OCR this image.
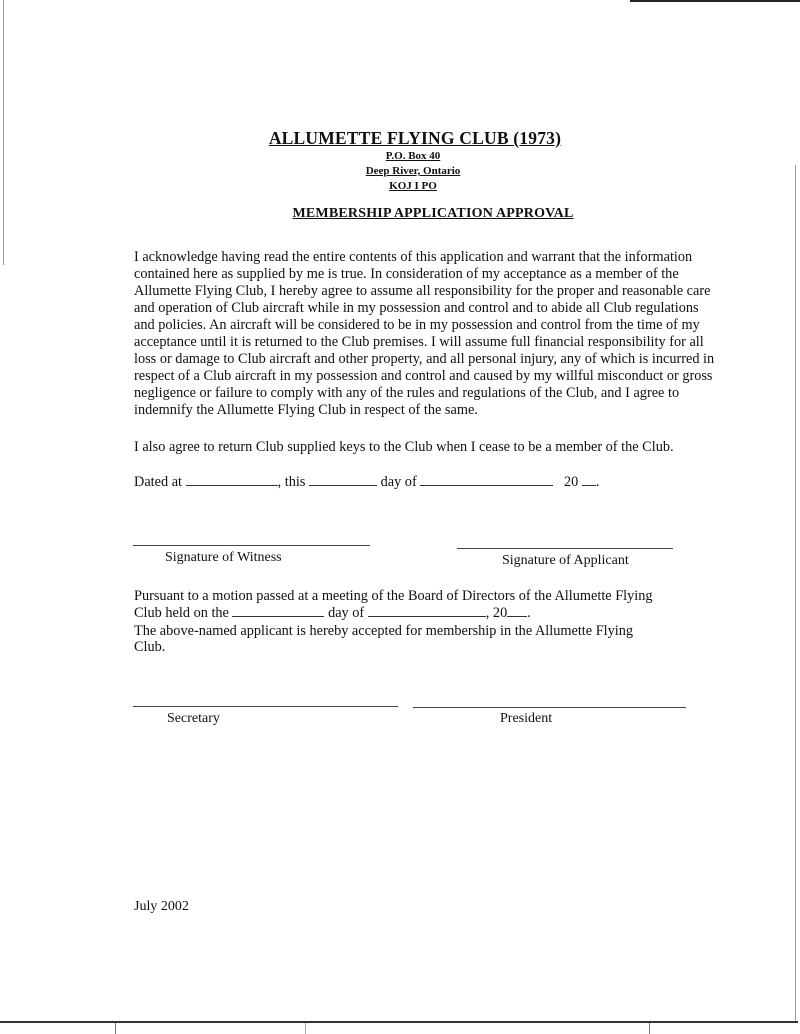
ALLUMETTE FLYING CLUB (1973)
P.O. Box 40
Deep River, Ontario
KOJ I PO
MEMBERSHIP APPLICATION APPROVAL
I acknowledge having read the entire contents of this application and warrant that the information
contained here as supplied by me is true. In consideration of my acceptance as a member of the
Allumette Flying Club, I hereby agree to assume all responsibility for the proper and reasonable care
and operation of Club aircraft while in my possession and control and to abide all Club regulations
and policies. An aircraft will be considered to be in my possession and control from the time of my
acceptance until it is returned to the Club premises. I will assume full financial responsibility for all
loss or damage to Club aircraft and other property, and all personal injury, any of which is incurred in
respect of a Club aircraft in my possession and control and caused by my willful misconduct or gross
negligence or failure to comply with any of the rules and regulations of the Club, and I agree to
indemnify the Allumette Flying Club in respect of the same.
I also agree to return Club supplied keys to the Club when I cease to be a member of the Club.
Dated at	, this	day of	20 .
Signature of Witness	Signature of Applicant
Pursuant to a motion passed at a meeting of the Board of Directors of the Allumette Flying
Club held on the	day of	, 20 .
The above-named applicant is hereby accepted for membership in the Allumette Flying
Club.
Secretary	President
July 2002
